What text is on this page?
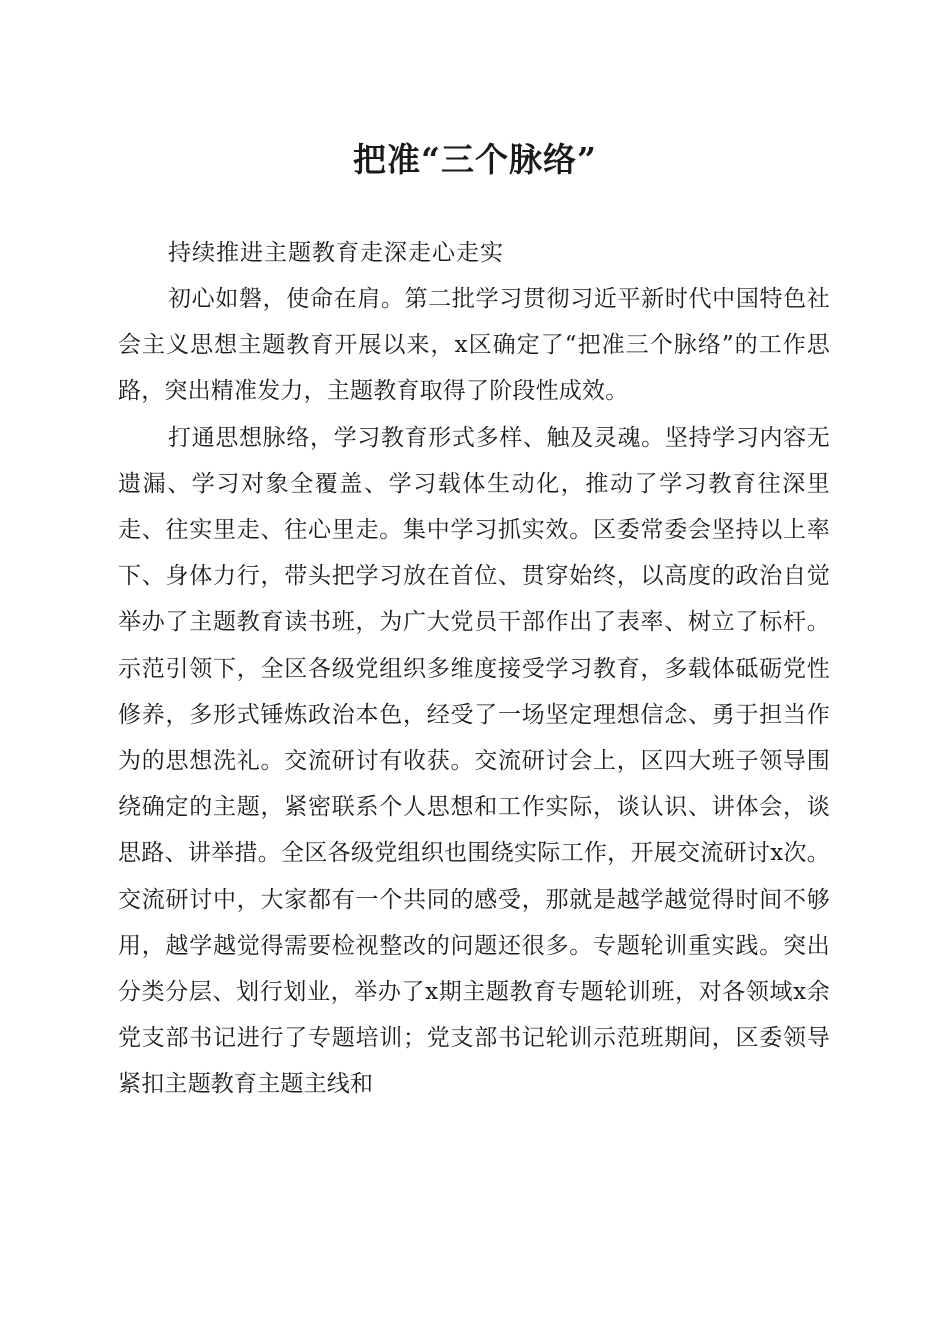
把准“三个脉络”
持续推进主题教育走深走心走实

初心如磐，使命在肩。第二批学习贯彻习近平新时代中国特色社会主义思想主题教育开展以来，x区确定了“把准三个脉络”的工作思路，突出精准发力，主题教育取得了阶段性成效。

打通思想脉络，学习教育形式多样、触及灵魂。坚持学习内容无遗漏、学习对象全覆盖、学习载体生动化，推动了学习教育往深里走、往实里走、往心里走。集中学习抓实效。区委常委会坚持以上率下、身体力行，带头把学习放在首位、贯穿始终，以高度的政治自觉举办了主题教育读书班，为广大党员干部作出了表率、树立了标杆。示范引领下，全区各级党组织多维度接受学习教育，多载体砥砺党性修养，多形式锤炼政治本色，经受了一场坚定理想信念、勇于担当作为的思想洗礼。交流研讨有收获。交流研讨会上，区四大班子领导围绕确定的主题，紧密联系个人思想和工作实际，谈认识、讲体会，谈思路、讲举措。全区各级党组织也围绕实际工作，开展交流研讨x次。交流研讨中，大家都有一个共同的感受，那就是越学越觉得时间不够用，越学越觉得需要检视整改的问题还很多。专题轮训重实践。突出分类分层、划行划业，举办了x期主题教育专题轮训班，对各领域x余党支部书记进行了专题培训；党支部书记轮训示范班期间，区委领导紧扣主题教育主题主线和
